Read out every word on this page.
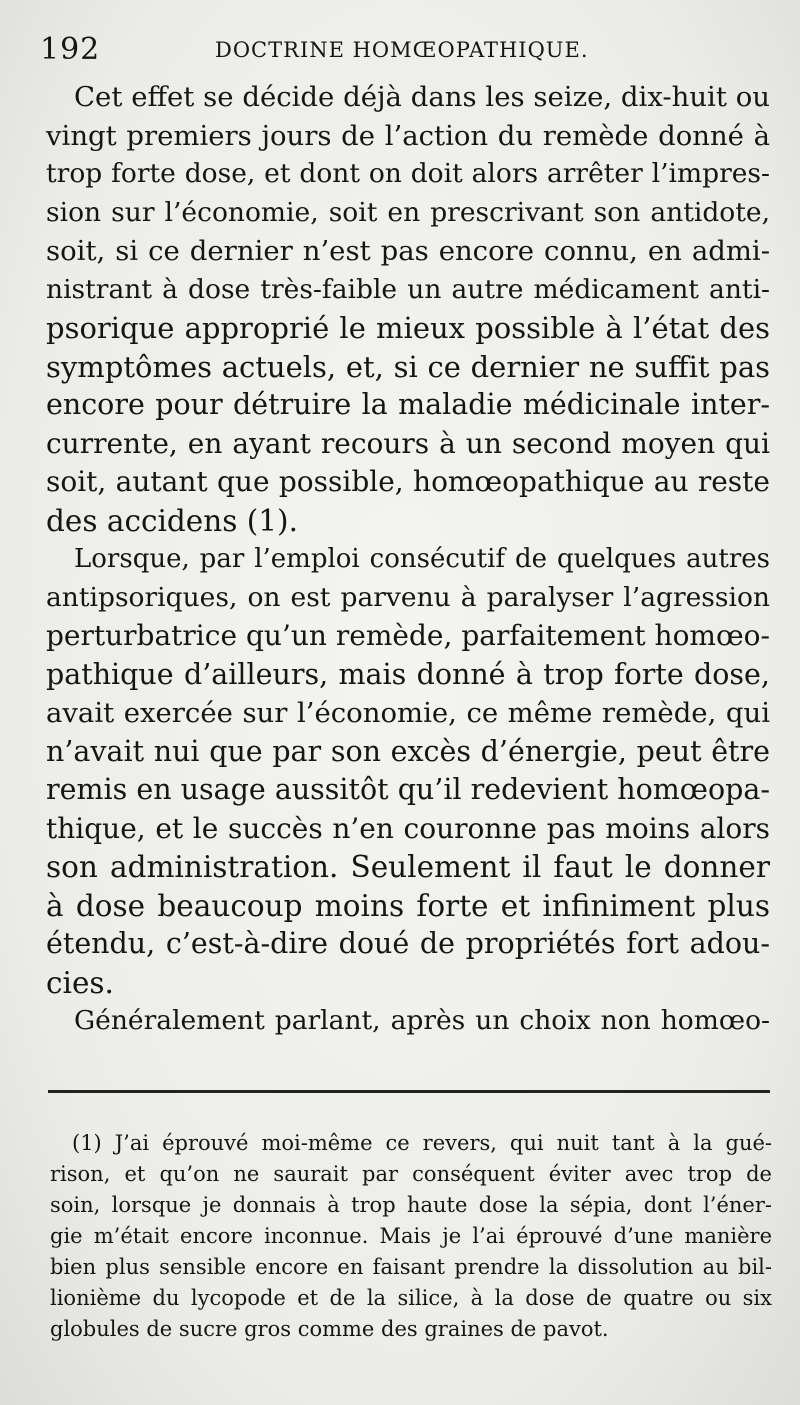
192	DOCTRINE HOMŒOPATHIQUE.
Cet effet se décide déjà dans les seize, dix-huit ou
vingt premiers jours de l’action du remède donné à
trop forte dose, et dont on doit alors arrêter l’impres-
sion sur l’économie, soit en prescrivant son antidote,
soit, si ce dernier n’est pas encore connu, en admi-
nistrant à dose très-faible un autre médicament anti-
psorique approprié le mieux possible à l’état des
symptômes actuels, et, si ce dernier ne suffit pas
encore pour détruire la maladie médicinale inter-
currente, en ayant recours à un second moyen qui
soit, autant que possible, homœopathique au reste
des accidens (1).
Lorsque, par l’emploi consécutif de quelques autres
antipsoriques, on est parvenu à paralyser l’agression
perturbatrice qu’un remède, parfaitement homœo-
pathique d’ailleurs, mais donné à trop forte dose,
avait exercée sur l’économie, ce même remède, qui
n’avait nui que par son excès d’énergie, peut être
remis en usage aussitôt qu’il redevient homœopa-
thique, et le succès n’en couronne pas moins alors
son administration. Seulement il faut le donner
à dose beaucoup moins forte et infiniment plus
étendu, c’est-à-dire doué de propriétés fort adou-
cies.
Généralement parlant, après un choix non homœo-
(1) J’ai éprouvé moi-même ce revers, qui nuit tant à la gué-
rison, et qu’on ne saurait par conséquent éviter avec trop de
soin, lorsque je donnais à trop haute dose la sépia, dont l’éner-
gie m’était encore inconnue. Mais je l’ai éprouvé d’une manière
bien plus sensible encore en faisant prendre la dissolution au bil-
lionième du lycopode et de la silice, à la dose de quatre ou six
globules de sucre gros comme des graines de pavot.
